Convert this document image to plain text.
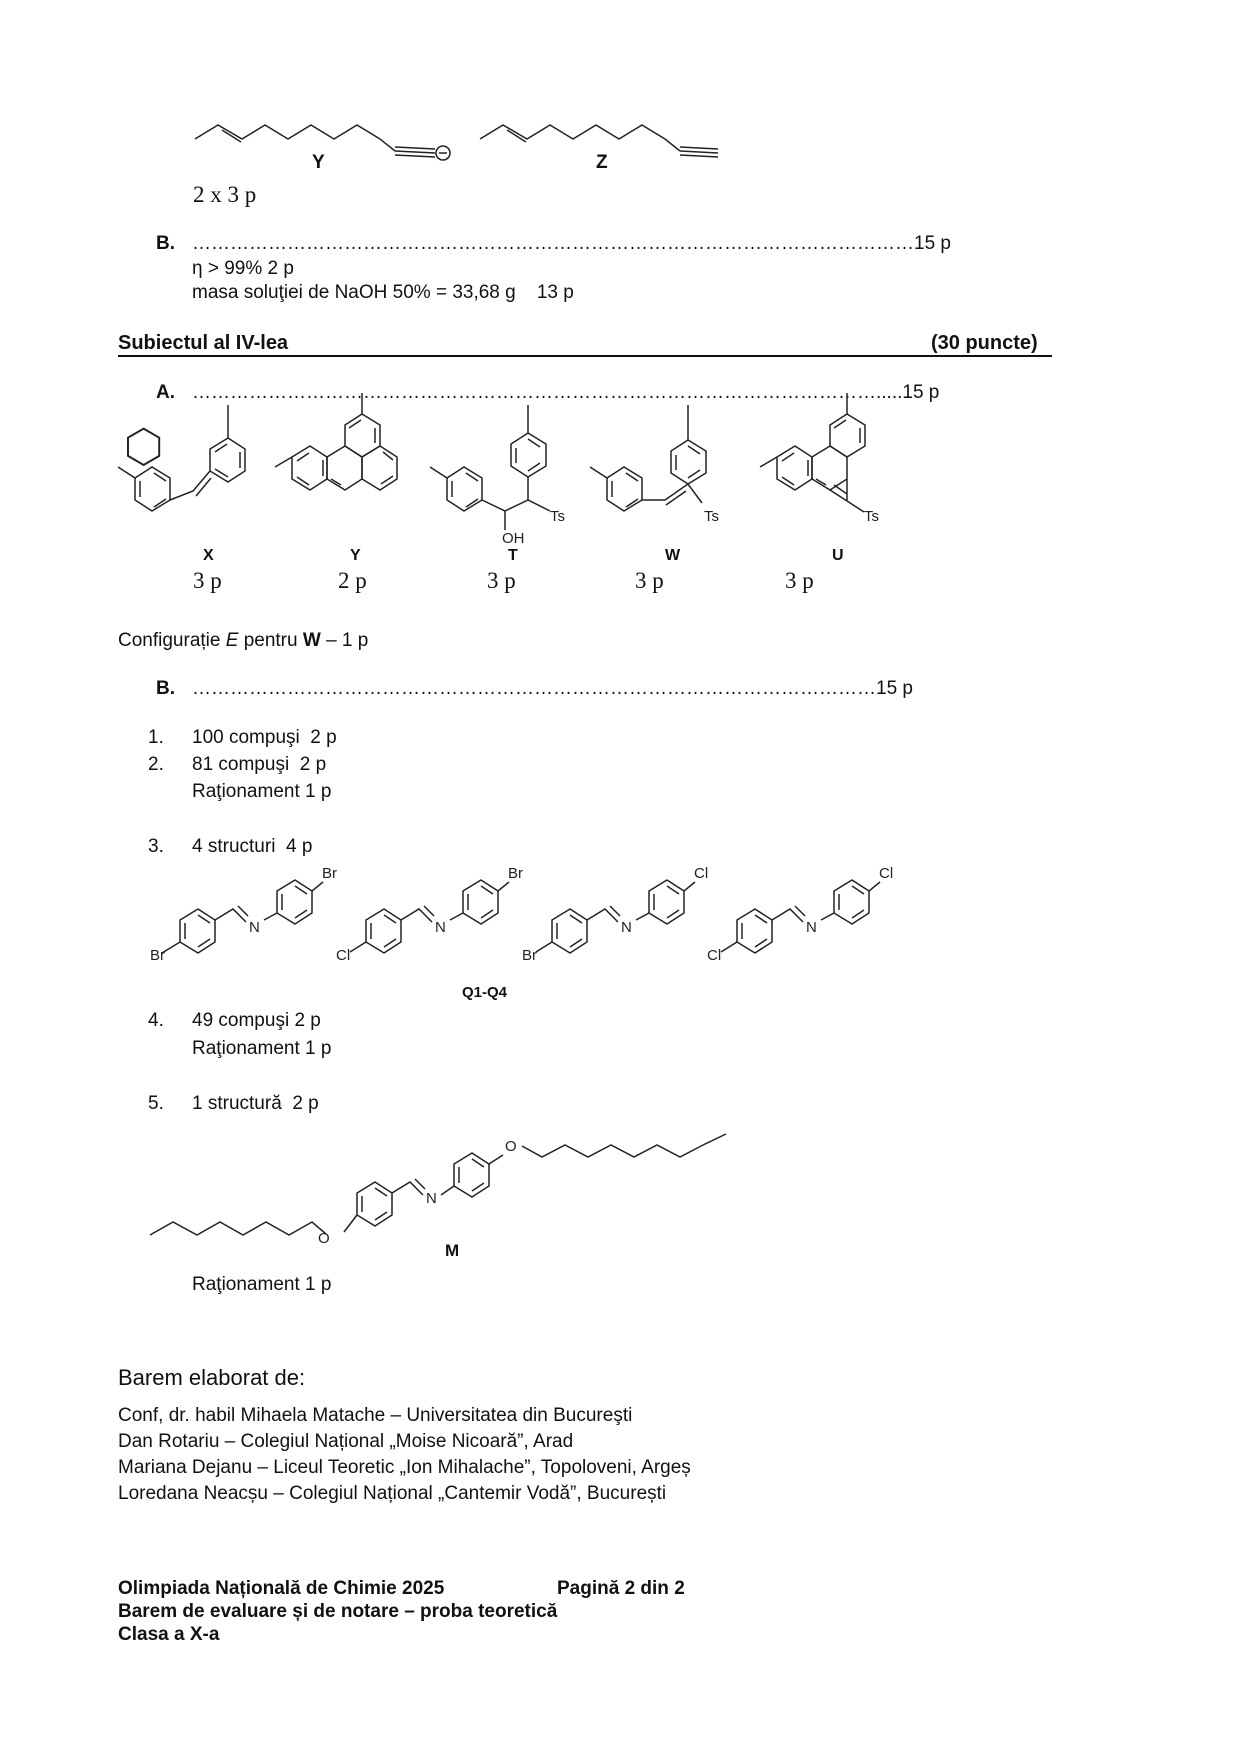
Y	Z
2 x 3 p
B. ……………………………………………………………………………………………………15 p
η > 99% 2 p
masa soluţiei de NaOH 50% = 33,68 g    13 p
Subiectul al IV-lea	(30 puncte)
A. ……………………………………………………………………………………………….....15 p
X
3 p
Y
2 p
OH
Ts
T
3 p
Ts
W
3 p
Ts
U
3 p
Configurație E pentru W – 1 p
B. ………………………………………………………………………………………………15 p
1. 100 compuşi  2 p
2. 81 compuşi  2 p
Raţionament 1 p
3. 4 structuri  4 p
Br
N
Br
Cl
N
Br
Br
N
Cl
Cl
N
Cl
Q1-Q4
4. 49 compuşi 2 p
Raţionament 1 p
5. 1 structură  2 p
O
N
O
M
Raţionament 1 p
Barem elaborat de:
Conf, dr. habil Mihaela Matache – Universitatea din Bucureşti
Dan Rotariu – Colegiul Național „Moise Nicoară”, Arad
Mariana Dejanu – Liceul Teoretic „Ion Mihalache”, Topoloveni, Argeș
Loredana Neacșu – Colegiul Național „Cantemir Vodă”, București
Olimpiada Națională de Chimie 2025	Pagină 2 din 2
Barem de evaluare și de notare – proba teoretică
Clasa a X-a
